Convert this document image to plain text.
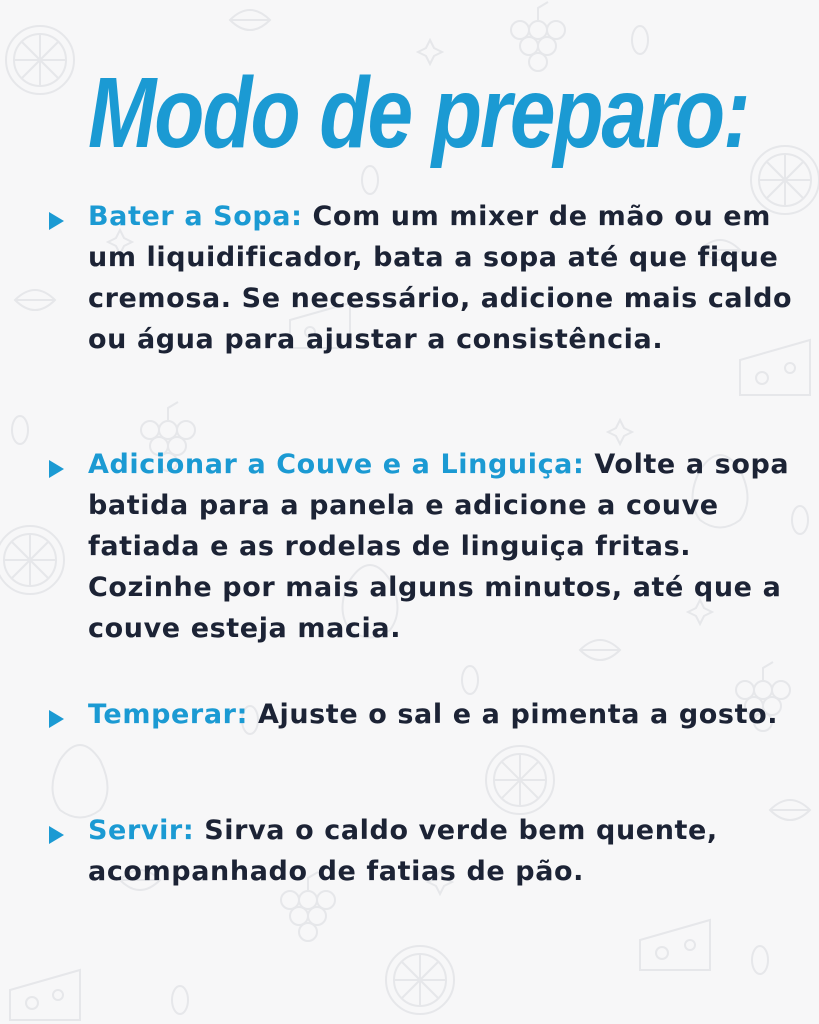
Modo de preparo:

Bater a Sopa: Com um mixer de mão ou em um liquidificador, bata a sopa até que fique cremosa. Se necessário, adicione mais caldo ou água para ajustar a consistência.

Adicionar a Couve e a Linguiça: Volte a sopa batida para a panela e adicione a couve fatiada e as rodelas de linguiça fritas. Cozinhe por mais alguns minutos, até que a couve esteja macia.

Temperar: Ajuste o sal e a pimenta a gosto.

Servir: Sirva o caldo verde bem quente, acompanhado de fatias de pão.
